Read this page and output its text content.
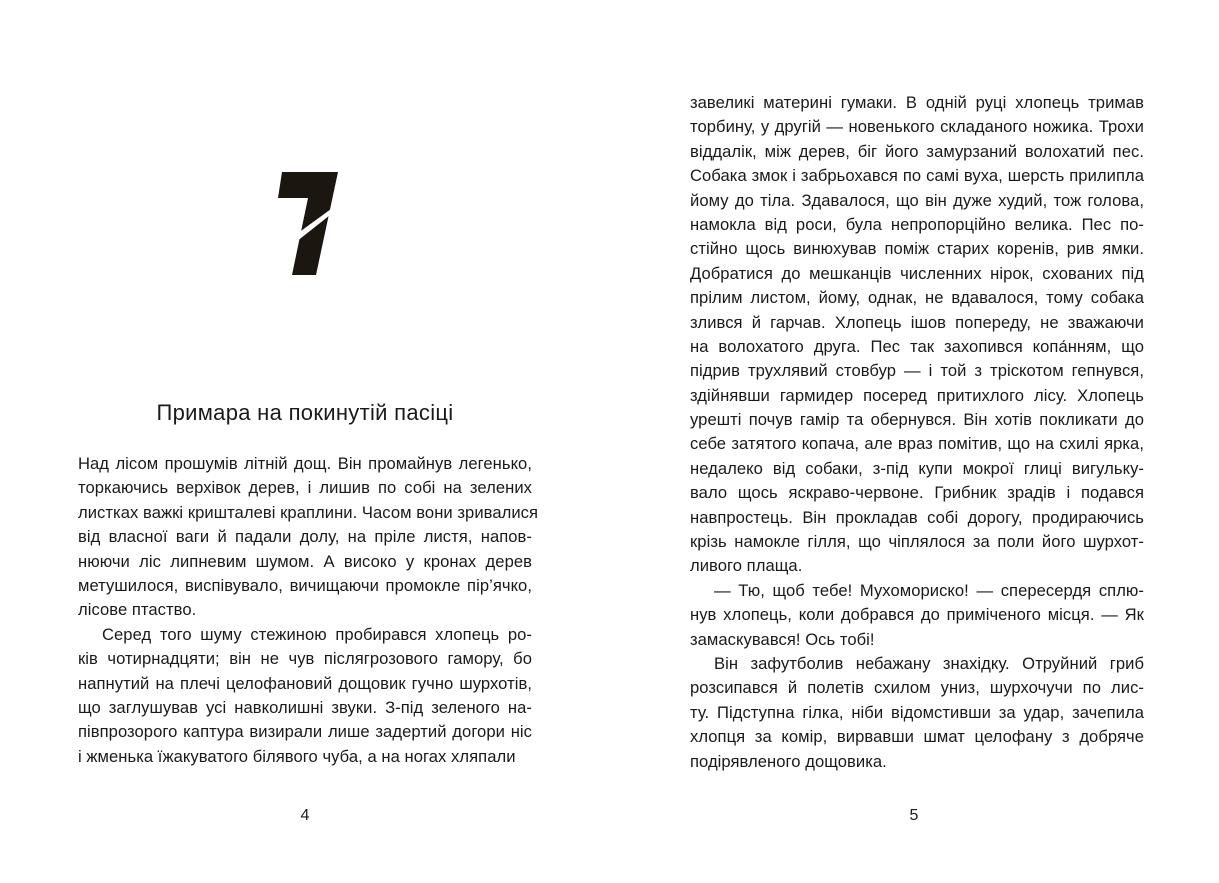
Примара на покинутій пасіці
Над лісом прошумів літній дощ. Він промайнув легенько,
торкаючись верхівок дерев, і лишив по собі на зелених
листках важкі кришталеві краплини. Часом вони зривалися
від власної ваги й падали долу, на пріле листя, напов-
нюючи ліс липневим шумом. А високо у кронах дерев
метушилося, виспівувало, вичищаючи промокле пір’ячко,
лісове птаство.
Серед того шуму стежиною пробирався хлопець ро-
ків чотирнадцяти; він не чув післягрозового гамору, бо
напнутий на плечі целофановий дощовик гучно шурхотів,
що заглушував усі навколишні звуки. З-під зеленого на-
півпрозорого каптура визирали лише задертий догори ніс
і жменька їжакуватого білявого чуба, а на ногах хляпали
4
завеликі материні гумаки. В одній руці хлопець тримав
торбину, у другій — новенького складаного ножика. Трохи
віддалік, між дерев, біг його замурзаний волохатий пес.
Собака змок і забрьохався по самі вуха, шерсть прилипла
йому до тіла. Здавалося, що він дуже худий, тож голова,
намокла від роси, була непропорційно велика. Пес по-
стійно щось винюхував поміж старих коренів, рив ямки.
Добратися до мешканців численних нірок, схованих під
прілим листом, йому, однак, не вдавалося, тому собака
злився й гарчав. Хлопець ішов попереду, не зважаючи
на волохатого друга. Пес так захопився копа́нням, що
підрив трухлявий стовбур — і той з тріскотом гепнувся,
здійнявши гармидер посеред притихлого лісу. Хлопець
урешті почув гамір та обернувся. Він хотів покликати до
себе затятого копача, але враз помітив, що на схилі ярка,
недалеко від собаки, з-під купи мокрої глиці вигульку-
вало щось яскраво-червоне. Грибник зрадів і подався
навпростець. Він прокладав собі дорогу, продираючись
крізь намокле гілля, що чіплялося за поли його шурхот-
ливого плаща.
— Тю, щоб тебе! Мухомориско! — спересердя сплю-
нув хлопець, коли добрався до приміченого місця. — Як
замаскувався! Ось тобі!
Він зафутболив небажану знахідку. Отруйний гриб
розсипався й полетів схилом униз, шурхочучи по лис-
ту. Підступна гілка, ніби відомстивши за удар, зачепила
хлопця за комір, вирвавши шмат целофану з добряче
подірявленого дощовика.
5
